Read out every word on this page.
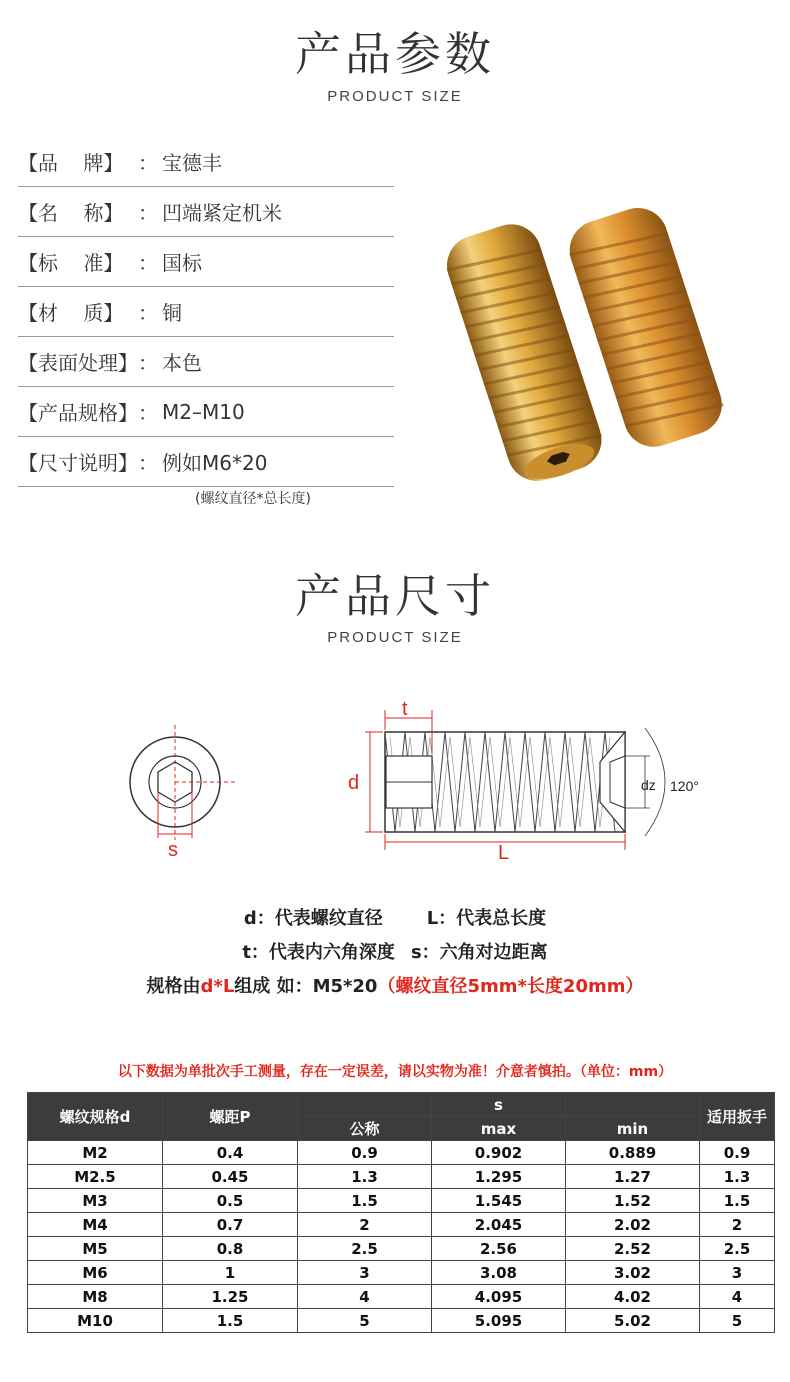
产品参数
PRODUCT SIZE
【品    牌】 ： 宝德丰
【名    称】 ： 凹端紧定机米
【标    准】 ： 国标
【材    质】 ： 铜
【表面处理】 ： 本色
【产品规格】 ： M2–M10
【尺寸说明】 ： 例如M6*20
(螺纹直径*总长度)
产品尺寸
PRODUCT SIZE
s
t
d
L
dz 120°
d：代表螺纹直径 L：代表总长度
t：代表内六角深度 s：六角对边距离
规格由d*L组成 如：M5*20（螺纹直径5mm*长度20mm）
以下数据为单批次手工测量，存在一定误差，请以实物为准！介意者慎拍。（单位：mm）
螺纹规格d	螺距P		s		适用扳手
		公称	max	min	
M2	0.4	0.9	0.902	0.889	0.9
M2.5	0.45	1.3	1.295	1.27	1.3
M3	0.5	1.5	1.545	1.52	1.5
M4	0.7	2	2.045	2.02	2
M5	0.8	2.5	2.56	2.52	2.5
M6	1	3	3.08	3.02	3
M8	1.25	4	4.095	4.02	4
M10	1.5	5	5.095	5.02	5
